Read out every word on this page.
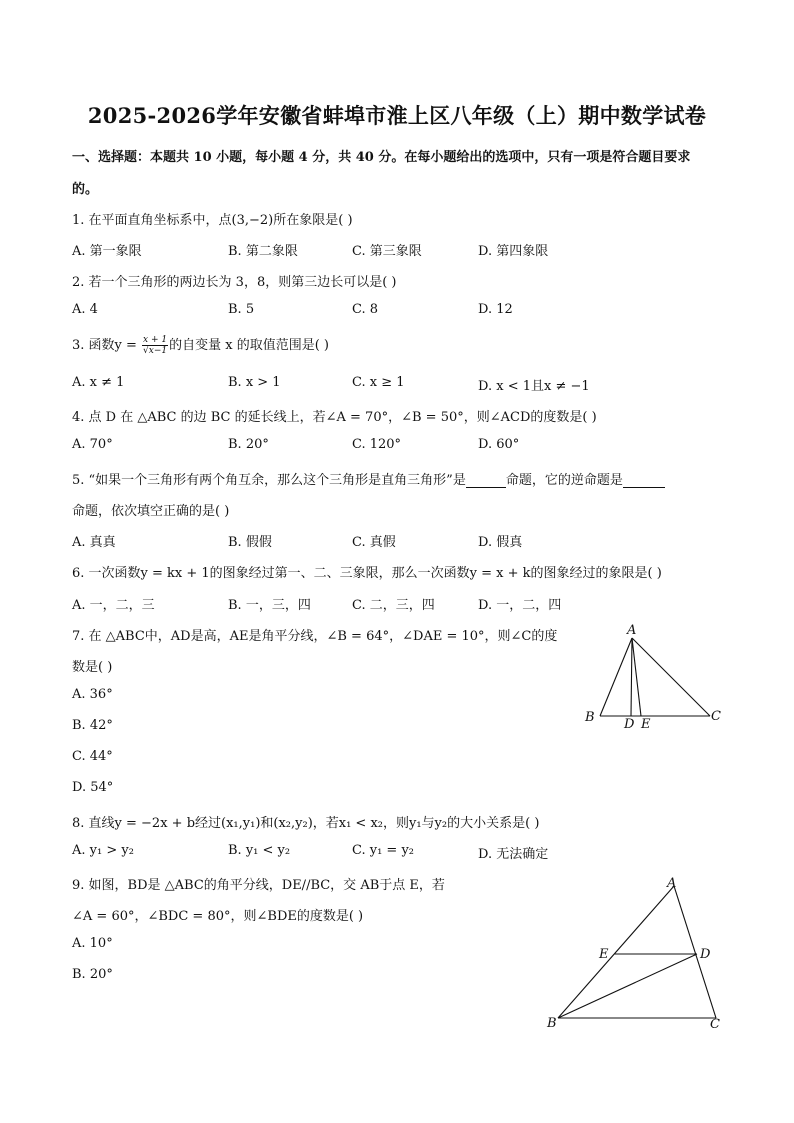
2025-2026学年安徽省蚌埠市淮上区八年级（上）期中数学试卷
一、选择题：本题共 10 小题，每小题 4 分，共 40 分。在每小题给出的选项中，只有一项是符合题目要求
的。
1. 在平面直角坐标系中，点(3,−2)所在象限是( )
A. 第一象限	B. 第二象限	C. 第三象限	D. 第四象限
2. 若一个三角形的两边长为 3，8，则第三边长可以是( )
A. 4	B. 5	C. 8	D. 12
3. 函数$y = \frac{x + 1}{√x-1}$ 的自变量 x 的取值范围是( )
A. x ≠ 1	B. x > 1	C. x ≥ 1	D. x < 1且x ≠ −1
4. 点 D 在 △ABC 的边 BC 的延长线上，若∠A = 70°，∠B = 50°，则∠ACD的度数是( )
A. 70°	B. 20°	C. 120°	D. 60°
5. “如果一个三角形有两个角互余，那么这个三角形是直角三角形”是	命题，它的逆命题是
命题，依次填空正确的是( )
A. 真真	B. 假假	C. 真假	D. 假真
6. 一次函数y = kx + 1的图象经过第一、二、三象限，那么一次函数y = x + k的图象经过的象限是( )
A. 一，二，三	B. 一，三，四	C. 二，三，四	D. 一，二，四
7. 在 △ABC中，AD是高，AE是角平分线，∠B = 64°，∠DAE = 10°，则∠C的度
数是( )
A. 36°
B. 42°
C. 44°
D. 54°
A
B D E
C
8. 直线y = −2x + b经过(x₁,y₁)和(x₂,y₂)，若x₁ < x₂，则y₁与y₂的大小关系是( )
A. y₁ > y₂	B. y₁ < y₂	C. y₁ = y₂	D. 无法确定
9. 如图，BD是 △ABC的角平分线，DE//BC，交 AB于点 E，若
∠A = 60°，∠BDC = 80°，则∠BDE的度数是( )
A. 10°
B. 20°
A
E	D
B	C
